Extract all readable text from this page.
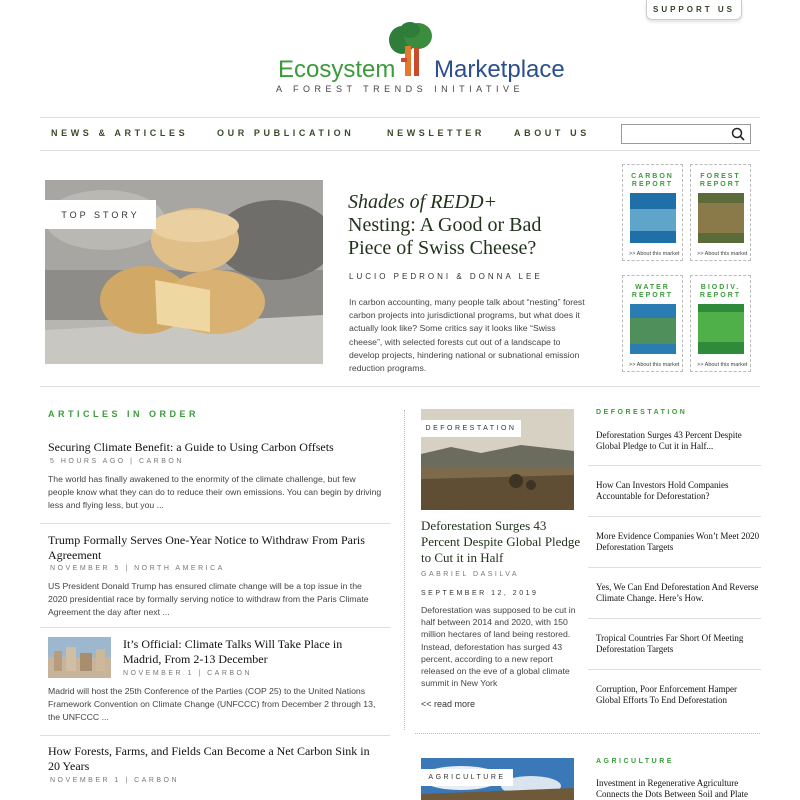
SUPPORT US
Ecosystem Marketplace
A FOREST TRENDS INITIATIVE
NEWS & ARTICLES	OUR PUBLICATION	NEWSLETTER	ABOUT US
TOP STORY
Shades of REDD+
Nesting: A Good or Bad Piece of Swiss Cheese?
LUCIO PEDRONI & DONNA LEE
In carbon accounting, many people talk about “nesting” forest carbon projects into jurisdictional programs, but what does it actually look like? Some critics say it looks like “Swiss cheese”, with selected forests cut out of a landscape to develop projects, hindering national or subnational emission reduction programs.
CARBON
REPORT
>> About this market
FOREST
REPORT
>> About this market
WATER
REPORT
>> About this market
BIODIV.
REPORT
>> About this market
ARTICLES IN ORDER
Securing Climate Benefit: a Guide to Using Carbon Offsets
5 HOURS AGO | CARBON
The world has finally awakened to the enormity of the climate challenge, but few people know what they can do to reduce their own emissions. You can begin by driving less and flying less, but you ...
Trump Formally Serves One-Year Notice to Withdraw From Paris Agreement
NOVEMBER 5 | NORTH AMERICA
US President Donald Trump has ensured climate change will be a top issue in the 2020 presidential race by formally serving notice to withdraw from the Paris Climate Agreement the day after next ...
It’s Official: Climate Talks Will Take Place in Madrid, From 2-13 December
NOVEMBER 1 | CARBON
Madrid will host the 25th Conference of the Parties (COP 25) to the United Nations Framework Convention on Climate Change (UNFCCC) from December 2 through 13, the UNFCCC ...
How Forests, Farms, and Fields Can Become a Net Carbon Sink in 20 Years
NOVEMBER 1 | CARBON
DEFORESTATION
Deforestation Surges 43 Percent Despite Global Pledge to Cut it in Half
GABRIEL DASILVA
SEPTEMBER 12, 2019
Deforestation was supposed to be cut in half between 2014 and 2020, with 150 million hectares of land being restored. Instead, deforestation has surged 43 percent, according to a new report released on the eve of a global climate summit in New York
<< read more
DEFORESTATION
Deforestation Surges 43 Percent Despite Global Pledge to Cut it in Half...
How Can Investors Hold Companies Accountable for Deforestation?
More Evidence Companies Won’t Meet 2020 Deforestation Targets
Yes, We Can End Deforestation And Reverse Climate Change. Here’s How.
Tropical Countries Far Short Of Meeting Deforestation Targets
Corruption, Poor Enforcement Hamper Global Efforts To End Deforestation
AGRICULTURE
AGRICULTURE
Investment in Regenerative Agriculture Connects the Dots Between Soil and Plate
